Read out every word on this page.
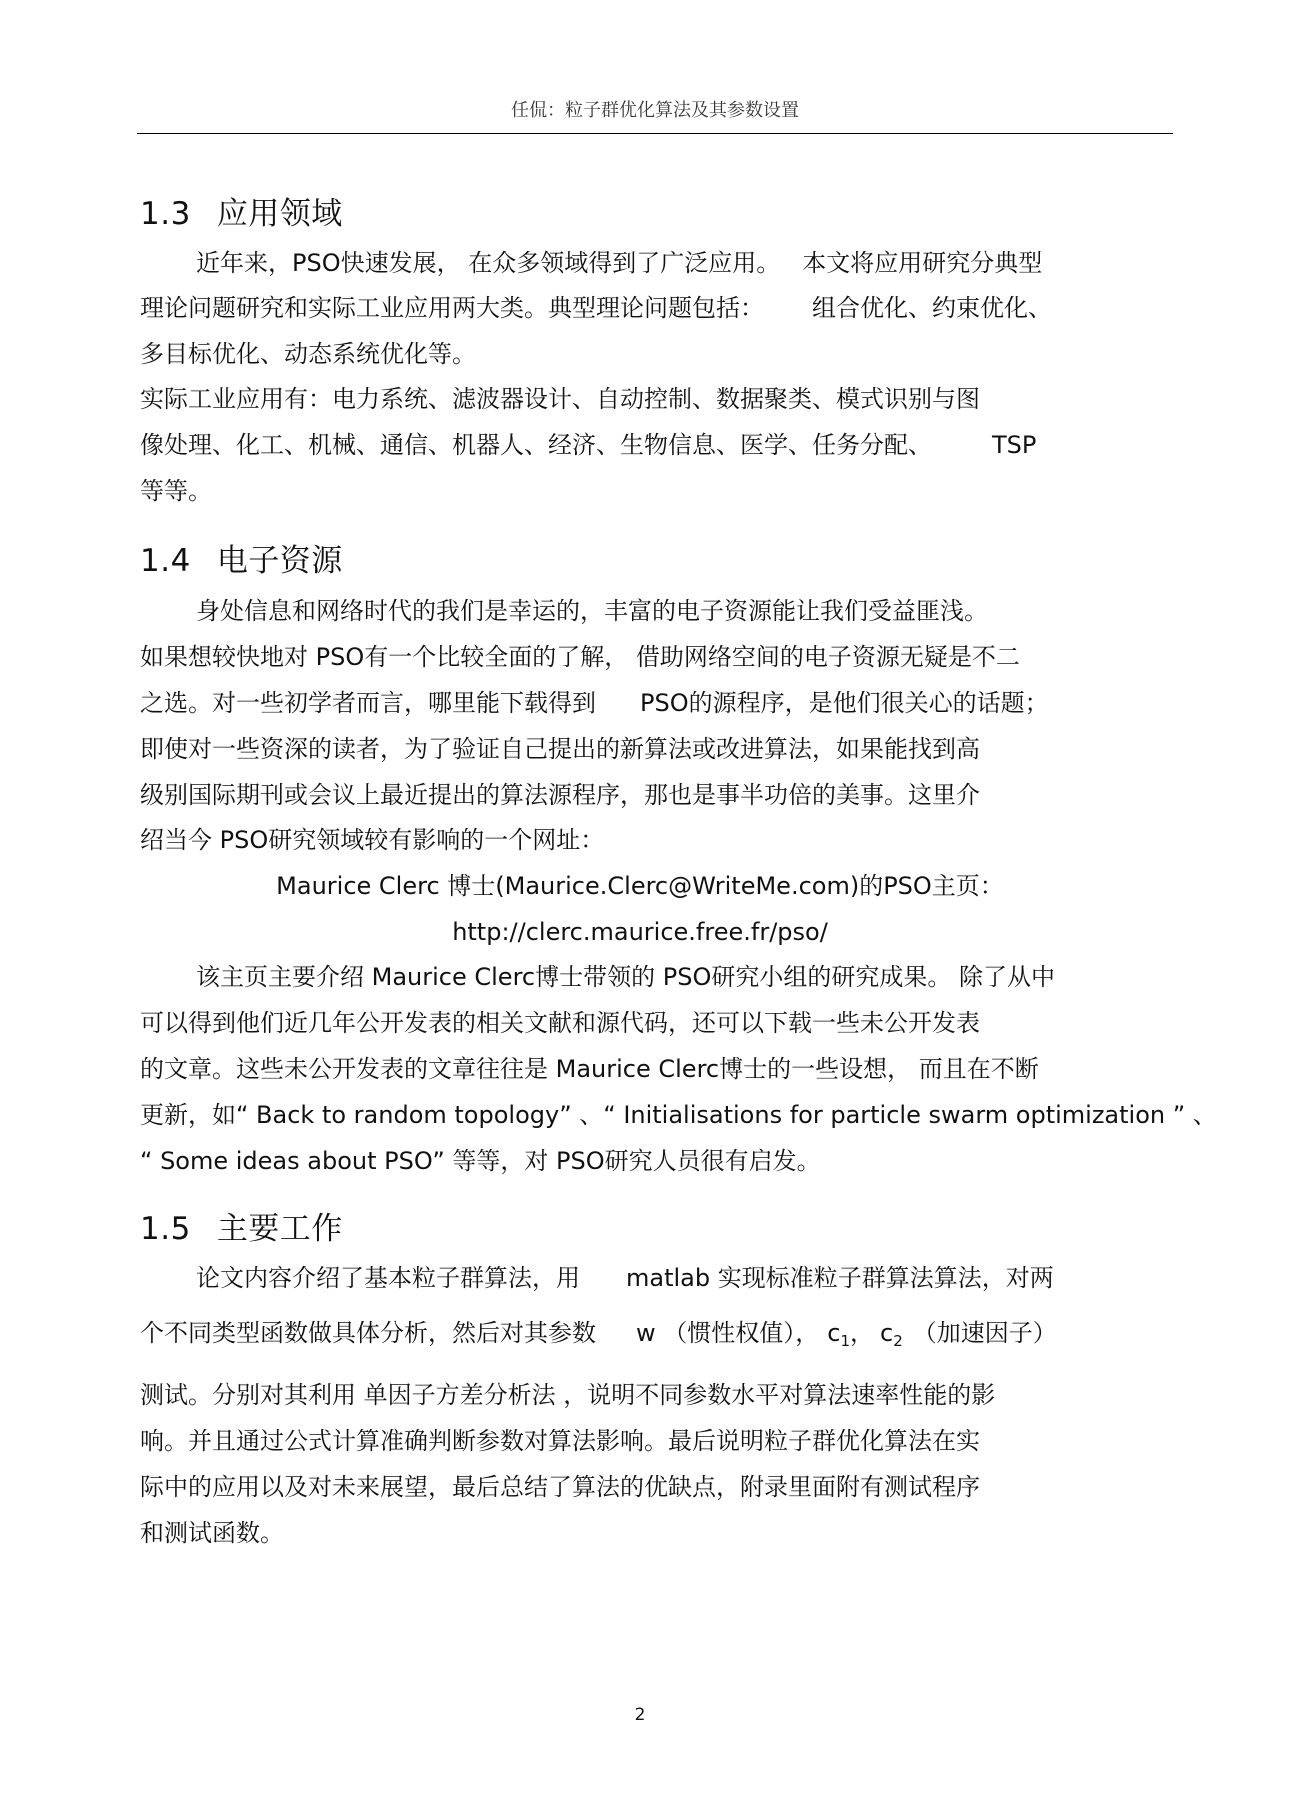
任侃：粒子群优化算法及其参数设置
1.3 应用领域
近年来，PSO快速发展， 在众多领域得到了广泛应用。 本文将应用研究分典型
理论问题研究和实际工业应用两大类。典型理论问题包括： 组合优化、约束优化、
多目标优化、动态系统优化等。
实际工业应用有：电力系统、滤波器设计、自动控制、数据聚类、模式识别与图
像处理、化工、机械、通信、机器人、经济、生物信息、医学、任务分配、	TSP
等等。
1.4 电子资源
身处信息和网络时代的我们是幸运的，丰富的电子资源能让我们受益匪浅。
如果想较快地对 PSO有一个比较全面的了解， 借助网络空间的电子资源无疑是不二
之选。对一些初学者而言，哪里能下载得到 PSO的源程序，是他们很关心的话题；
即使对一些资深的读者，为了验证自己提出的新算法或改进算法，如果能找到高
级别国际期刊或会议上最近提出的算法源程序，那也是事半功倍的美事。这里介
绍当今 PSO研究领域较有影响的一个网址：
Maurice Clerc 博士(Maurice.Clerc@WriteMe.com)的PSO主页：
http://clerc.maurice.free.fr/pso/
该主页主要介绍 Maurice Clerc博士带领的 PSO研究小组的研究成果。 除了从中
可以得到他们近几年公开发表的相关文献和源代码，还可以下载一些未公开发表
的文章。这些未公开发表的文章往往是 Maurice Clerc博士的一些设想， 而且在不断
更新，如“ Back to random topology” 、“ Initialisations for particle swarm optimization ” 、
“ Some ideas about PSO” 等等，对 PSO研究人员很有启发。
1.5 主要工作
论文内容介绍了基本粒子群算法，用 matlab 实现标准粒子群算法算法，对两
个不同类型函数做具体分析，然后对其参数 w （惯性权值）， $c_1$， $c_2$ （加速因子）
测试。分别对其利用 单因子方差分析法 ，说明不同参数水平对算法速率性能的影
响。并且通过公式计算准确判断参数对算法影响。最后说明粒子群优化算法在实
际中的应用以及对未来展望，最后总结了算法的优缺点，附录里面附有测试程序
和测试函数。
2
